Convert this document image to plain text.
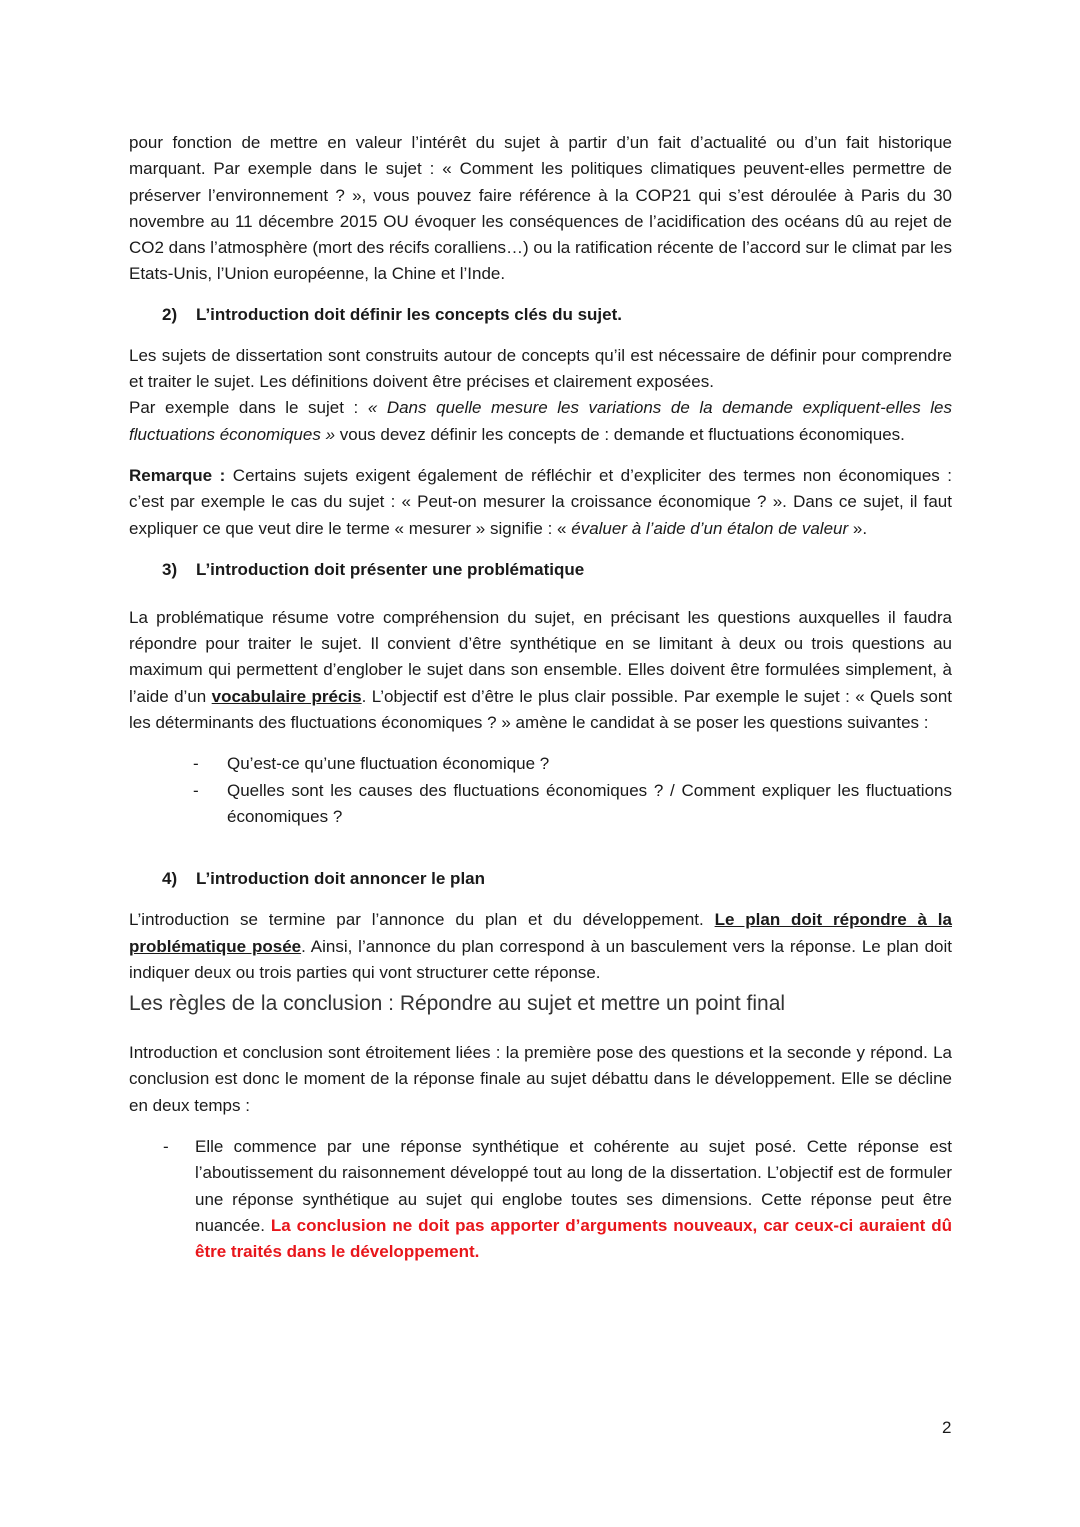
pour fonction de mettre en valeur l’intérêt du sujet à partir d’un fait d’actualité ou d’un fait historique marquant. Par exemple dans le sujet : « Comment les politiques climatiques peuvent-elles permettre de préserver l’environnement ? », vous pouvez faire référence à la COP21 qui s’est déroulée à Paris du 30 novembre au 11 décembre 2015 OU évoquer les conséquences de l’acidification des océans dû au rejet de CO2 dans l’atmosphère (mort des récifs coralliens…) ou la ratification récente de l’accord sur le climat par les Etats-Unis, l’Union européenne, la Chine et l’Inde.

2) L’introduction doit définir les concepts clés du sujet.

Les sujets de dissertation sont construits autour de concepts qu’il est nécessaire de définir pour comprendre et traiter le sujet. Les définitions doivent être précises et clairement exposées.

Par exemple dans le sujet : « Dans quelle mesure les variations de la demande expliquent-elles les fluctuations économiques » vous devez définir les concepts de : demande et fluctuations économiques.

Remarque : Certains sujets exigent également de réfléchir et d’expliciter des termes non économiques : c’est par exemple le cas du sujet : « Peut-on mesurer la croissance économique ? ». Dans ce sujet, il faut expliquer ce que veut dire le terme « mesurer » signifie : « évaluer à l’aide d’un étalon de valeur ».

3) L’introduction doit présenter une problématique

La problématique résume votre compréhension du sujet, en précisant les questions auxquelles il faudra répondre pour traiter le sujet. Il convient d’être synthétique en se limitant à deux ou trois questions au maximum qui permettent d’englober le sujet dans son ensemble. Elles doivent être formulées simplement, à l’aide d’un vocabulaire précis. L’objectif est d’être le plus clair possible. Par exemple le sujet : « Quels sont les déterminants des fluctuations économiques ? » amène le candidat à se poser les questions suivantes :

- Qu’est-ce qu’une fluctuation économique ?
- Quelles sont les causes des fluctuations économiques ? / Comment expliquer les fluctuations économiques ?
4) L’introduction doit annoncer le plan

L’introduction se termine par l’annonce du plan et du développement. Le plan doit répondre à la problématique posée. Ainsi, l’annonce du plan correspond à un basculement vers la réponse. Le plan doit indiquer deux ou trois parties qui vont structurer cette réponse.

Les règles de la conclusion : Répondre au sujet et mettre un point final

Introduction et conclusion sont étroitement liées : la première pose des questions et la seconde y répond. La conclusion est donc le moment de la réponse finale au sujet débattu dans le développement. Elle se décline en deux temps :

- Elle commence par une réponse synthétique et cohérente au sujet posé. Cette réponse est l’aboutissement du raisonnement développé tout au long de la dissertation. L’objectif est de formuler une réponse synthétique au sujet qui englobe toutes ses dimensions. Cette réponse peut être nuancée. La conclusion ne doit pas apporter d’arguments nouveaux, car ceux-ci auraient dû être traités dans le développement.
2
